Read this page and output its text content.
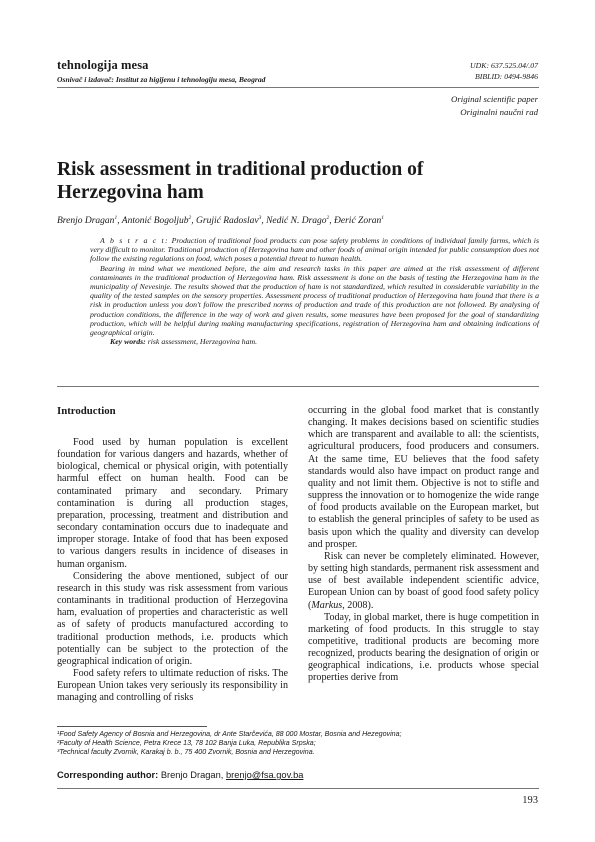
tehnologija mesa
Osnivač i izdavač: Institut za higijenu i tehnologiju mesa, Beograd
UDK: 637.525.04/.07
BIBLID: 0494-9846
Original scientific paper
Originalni naučni rad
Risk assessment in traditional production of Herzegovina ham
Brenjo Dragan$^1$, Antonić Bogoljub$^2$, Grujić Radoslav$^3$, Nedić N. Drago$^2$, Đerić Zoran$^1$

A b s t r a c t: Production of traditional food products can pose safety problems in conditions of individual family farms, which is very difficult to monitor. Traditional production of Herzegovina ham and other foods of animal origin intended for public consumption does not follow the existing regulations on food, which poses a potential threat to human health.

Bearing in mind what we mentioned before, the aim and research tasks in this paper are aimed at the risk assessment of different contaminants in the traditional production of Herzegovina ham. Risk assessment is done on the basis of testing the Herzegovina ham in the municipality of Nevesinje. The results showed that the production of ham is not standardized, which resulted in considerable variability in the quality of the tested samples on the sensory properties. Assessment process of traditional production of Herzegovina ham found that there is a risk in production unless you don't follow the prescribed norms of production and trade of this production are not followed. By analysing of production conditions, the difference in the way of work and given results, some measures have been proposed for the goal of standardizing production, which will be helpful during making manufacturing specifications, registration of Herzegovina ham and obtaining indications of geographical origin.

Key words: risk assessment, Herzegovina ham.

Introduction

Food used by human population is excellent foundation for various dangers and hazards, whether of biological, chemical or physical origin, with potentially harmful effect on human health. Food can be contaminated primary and secondary. Primary contamination is during all production stages, preparation, processing, treatment and distribution and secondary contamination occurs due to inadequate and improper storage. Intake of food that has been exposed to various dangers results in incidence of diseases in human organism.

Considering the above mentioned, subject of our research in this study was risk assessment from various contaminants in traditional production of Herzegovina ham, evaluation of properties and characteristic as well as of safety of products manufactured according to traditional production methods, i.e. products which potentially can be subject to the protection of the geographical indication of origin.

Food safety refers to ultimate reduction of risks. The European Union takes very seriously its responsibility in managing and controlling of risks

occurring in the global food market that is constantly changing. It makes decisions based on scientific studies which are transparent and available to all: the scientists, agricultural producers, food producers and consumers. At the same time, EU believes that the food safety standards would also have impact on product range and quality and not limit them. Objective is not to stifle and suppress the innovation or to homogenize the wide range of food products available on the European market, but to establish the general principles of safety to be used as basis upon which the quality and diversity can develop and prosper.

Risk can never be completely eliminated. However, by setting high standards, permanent risk assessment and use of best available independent scientific advice, European Union can by boast of good food safety policy (Markus, 2008).

Today, in global market, there is huge competition in marketing of food products. In this struggle to stay competitive, traditional products are becoming more recognized, products bearing the designation of origin or geographical indications, i.e. products whose special properties derive from

¹Food Safety Agency of Bosnia and Herzegovina, dr Ante Starčevića, 88 000 Mostar, Bosnia and Hezegovina;
²Faculty of Health Science, Petra Krece 13, 78 102 Banja Luka, Republika Srpska;
³Technical faculty Zvornik, Karakaj b. b., 75 400 Zvornik, Bosnia and Herzegovina.
Corresponding author: Brenjo Dragan, brenjo@fsa.gov.ba
193
